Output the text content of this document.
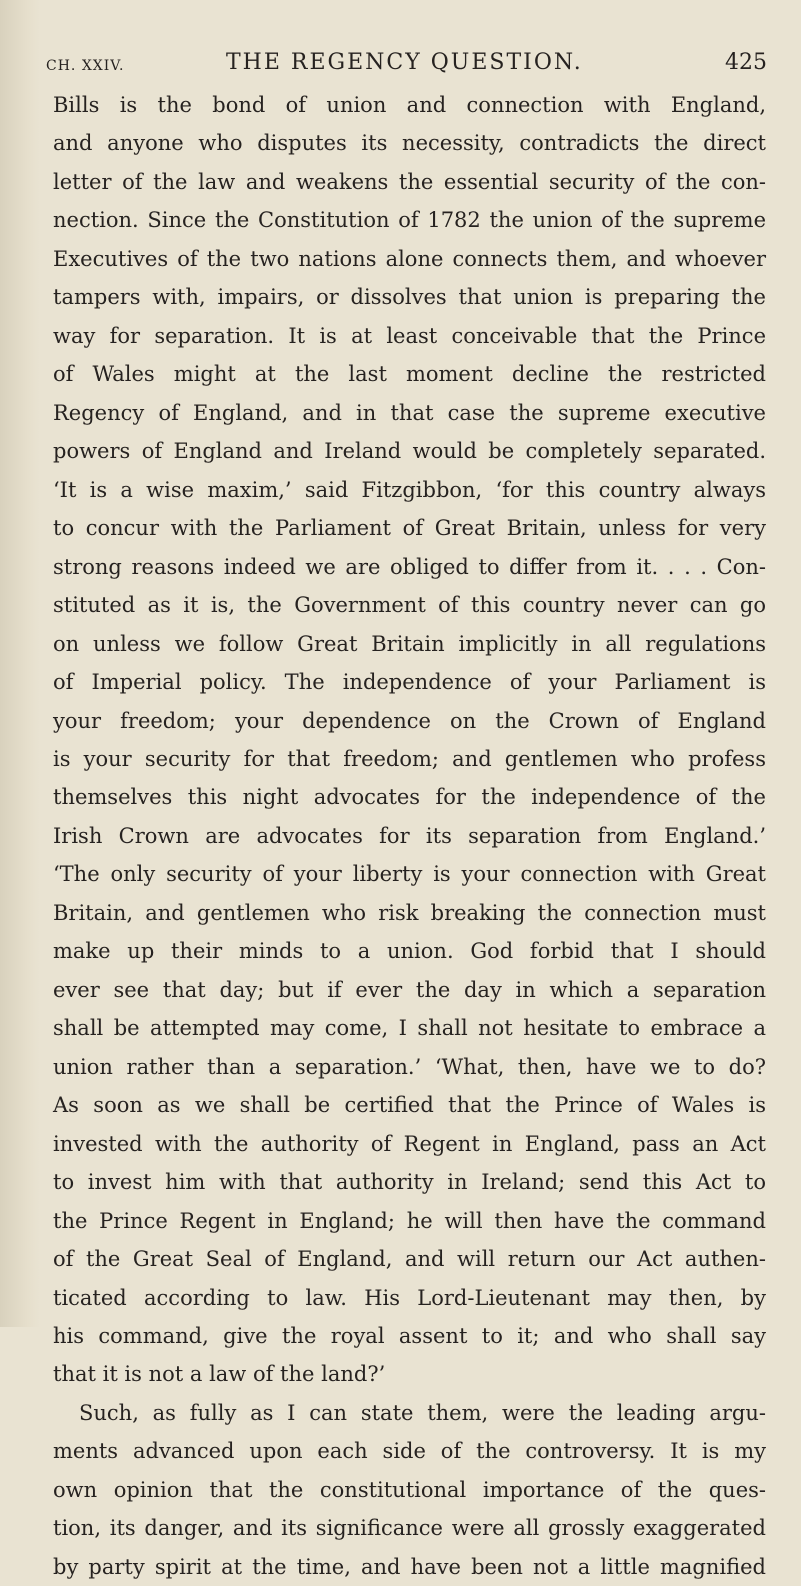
CH. XXIV.	THE REGENCY QUESTION.	425
Bills is the bond of union and connection with England,
and anyone who disputes its necessity, contradicts the direct
letter of the law and weakens the essential security of the con-
nection. Since the Constitution of 1782 the union of the supreme
Executives of the two nations alone connects them, and whoever
tampers with, impairs, or dissolves that union is preparing the
way for separation. It is at least conceivable that the Prince
of Wales might at the last moment decline the restricted
Regency of England, and in that case the supreme executive
powers of England and Ireland would be completely separated.
‘It is a wise maxim,’ said Fitzgibbon, ‘for this country always
to concur with the Parliament of Great Britain, unless for very
strong reasons indeed we are obliged to differ from it. . . . Con-
stituted as it is, the Government of this country never can go
on unless we follow Great Britain implicitly in all regulations
of Imperial policy. The independence of your Parliament is
your freedom; your dependence on the Crown of England
is your security for that freedom; and gentlemen who profess
themselves this night advocates for the independence of the
Irish Crown are advocates for its separation from England.’
‘The only security of your liberty is your connection with Great
Britain, and gentlemen who risk breaking the connection must
make up their minds to a union. God forbid that I should
ever see that day; but if ever the day in which a separation
shall be attempted may come, I shall not hesitate to embrace a
union rather than a separation.’ ‘What, then, have we to do?
As soon as we shall be certified that the Prince of Wales is
invested with the authority of Regent in England, pass an Act
to invest him with that authority in Ireland; send this Act to
the Prince Regent in England; he will then have the command
of the Great Seal of England, and will return our Act authen-
ticated according to law. His Lord-Lieutenant may then, by
his command, give the royal assent to it; and who shall say
that it is not a law of the land?’
Such, as fully as I can state them, were the leading argu-
ments advanced upon each side of the controversy. It is my
own opinion that the constitutional importance of the ques-
tion, its danger, and its significance were all grossly exaggerated
by party spirit at the time, and have been not a little magnified
